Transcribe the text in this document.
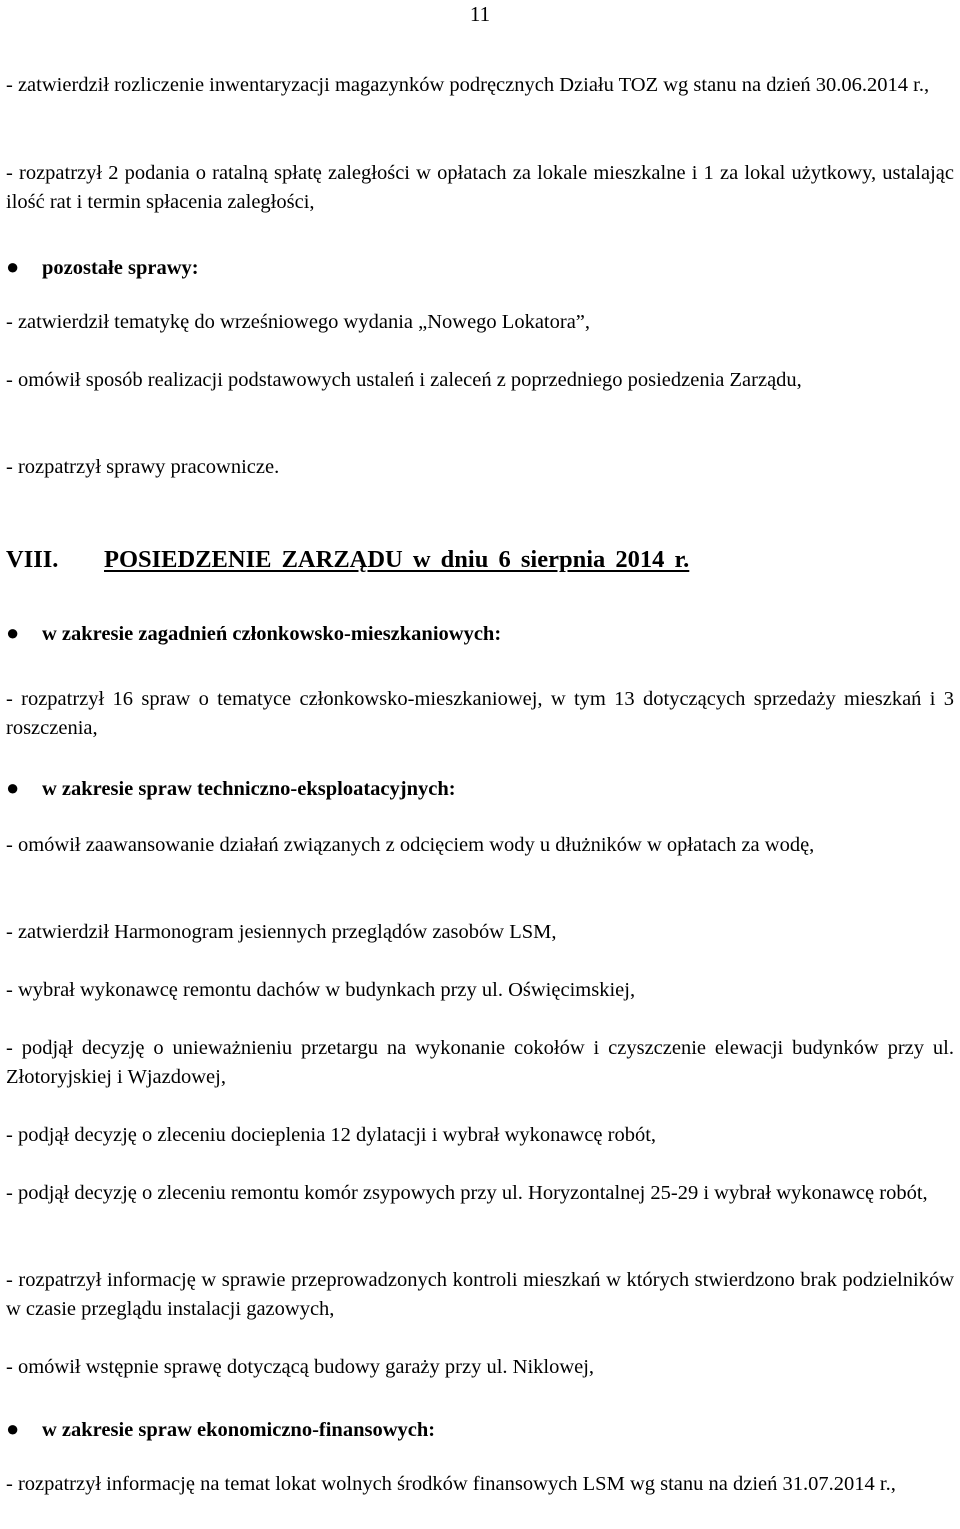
11

- zatwierdził rozliczenie inwentaryzacji magazynków podręcznych Działu TOZ wg stanu na dzień 30.06.2014 r.,

- rozpatrzył 2 podania o ratalną spłatę zaległości w opłatach za lokale mieszkalne i 1 za lokal użytkowy, ustalając ilość rat i termin spłacenia zaległości,

● pozostałe sprawy:

- zatwierdził tematykę do wrześniowego wydania „Nowego Lokatora”,

- omówił sposób realizacji podstawowych ustaleń i zaleceń z poprzedniego posiedzenia Zarządu,

- rozpatrzył sprawy pracownicze.

VIII. POSIEDZENIE ZARZĄDU w dniu 6 sierpnia 2014 r.
● w zakresie zagadnień członkowsko-mieszkaniowych:

- rozpatrzył 16 spraw o tematyce członkowsko-mieszkaniowej, w tym 13 dotyczących sprzedaży mieszkań i 3 roszczenia,

● w zakresie spraw techniczno-eksploatacyjnych:

- omówił zaawansowanie działań związanych z odcięciem wody u dłużników w opłatach za wodę,

- zatwierdził Harmonogram jesiennych przeglądów zasobów LSM,

- wybrał wykonawcę remontu dachów w budynkach przy ul. Oświęcimskiej,

- podjął decyzję o unieważnieniu przetargu na wykonanie cokołów i czyszczenie elewacji budynków przy ul. Złotoryjskiej i Wjazdowej,

- podjął decyzję o zleceniu docieplenia 12 dylatacji i wybrał wykonawcę robót,

- podjął decyzję o zleceniu remontu komór zsypowych przy ul. Horyzontalnej 25-29 i wybrał wykonawcę robót,

- rozpatrzył informację w sprawie przeprowadzonych kontroli mieszkań w których stwierdzono brak podzielników w czasie przeglądu instalacji gazowych,

- omówił wstępnie sprawę dotyczącą budowy garaży przy ul. Niklowej,

● w zakresie spraw ekonomiczno-finansowych:

- rozpatrzył informację na temat lokat wolnych środków finansowych LSM wg stanu na dzień 31.07.2014 r.,
